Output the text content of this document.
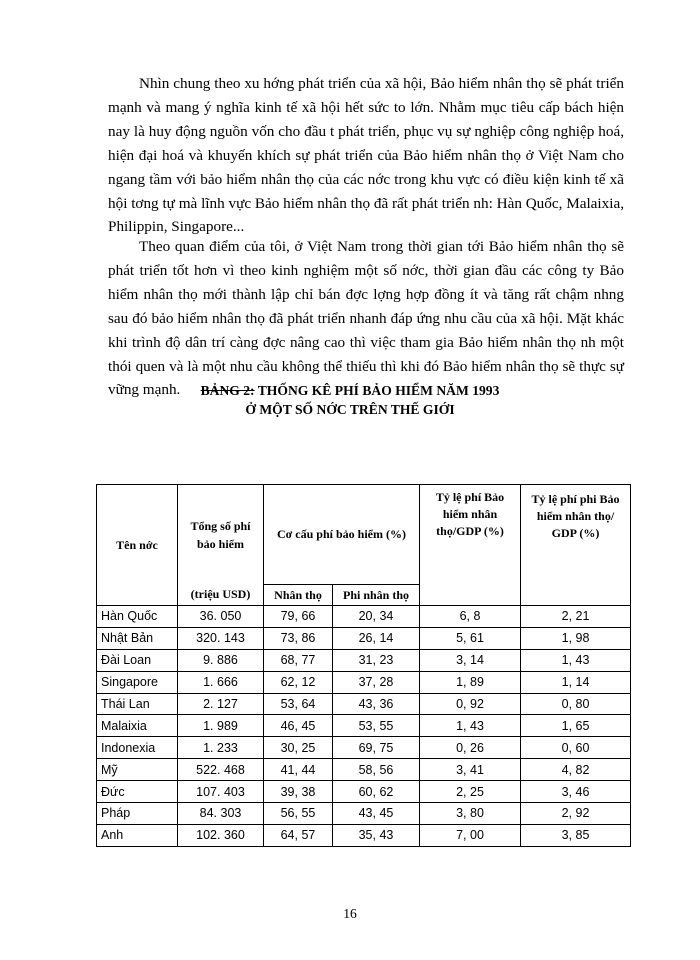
Nhìn chung theo xu hớng phát triển của xã hội, Bảo hiểm nhân thọ sẽ phát triển mạnh và mang ý nghĩa kinh tế xã hội hết sức to lớn. Nhằm mục tiêu cấp bách hiện nay là huy động nguồn vốn cho đầu t phát triển, phục vụ sự nghiệp công nghiệp hoá, hiện đại hoá và khuyến khích sự phát triển của Bảo hiểm nhân thọ ở Việt Nam cho ngang tầm với bảo hiểm nhân thọ của các nớc trong khu vực có điều kiện kinh tế xã hội tơng tự mà lĩnh vực Bảo hiểm nhân thọ đã rất phát triển nh: Hàn Quốc, Malaixia, Philippin, Singapore...

Theo quan điểm của tôi, ở Việt Nam trong thời gian tới Bảo hiểm nhân thọ sẽ phát triển tốt hơn vì theo kinh nghiệm một số nớc, thời gian đầu các công ty Bảo hiểm nhân thọ mới thành lập chỉ bán đợc lợng hợp đồng ít và tăng rất chậm nhng sau đó bảo hiểm nhân thọ đã phát triển nhanh đáp ứng nhu cầu của xã hội. Mặt khác khi trình độ dân trí càng đợc nâng cao thì việc tham gia Bảo hiểm nhân thọ nh một thói quen và là một nhu cầu không thể thiếu thì khi đó Bảo hiểm nhân thọ sẽ thực sự vững mạnh.	BẢNG 2: THỐNG KÊ PHÍ BẢO HIỂM NĂM 1993
Ở MỘT SỐ NỚC TRÊN THẾ GIỚI
Tên nớc	Tổng số phí bảo hiểm	Cơ cấu phí bảo hiểm (%)		Tỷ lệ phí Bảo hiểm nhân thọ/GDP (%)	Tỷ lệ phí phi Bảo hiểm nhân thọ/ GDP (%)
	(triệu USD)	Nhân thọ	Phi nhân thọ		
Hàn Quốc	36. 050	79, 66	20, 34	6, 8	2, 21
Nhật Bản	320. 143	73, 86	26, 14	5, 61	1, 98
Đài Loan	9. 886	68, 77	31, 23	3, 14	1, 43
Singapore	1. 666	62, 12	37, 28	1, 89	1, 14
Thái Lan	2. 127	53, 64	43, 36	0, 92	0, 80
Malaixia	1. 989	46, 45	53, 55	1, 43	1, 65
Indonexia	1. 233	30, 25	69, 75	0, 26	0, 60
Mỹ	522. 468	41, 44	58, 56	3, 41	4, 82
Đức	107. 403	39, 38	60, 62	2, 25	3, 46
Pháp	84. 303	56, 55	43, 45	3, 80	2, 92
Anh	102. 360	64, 57	35, 43	7, 00	3, 85
16
